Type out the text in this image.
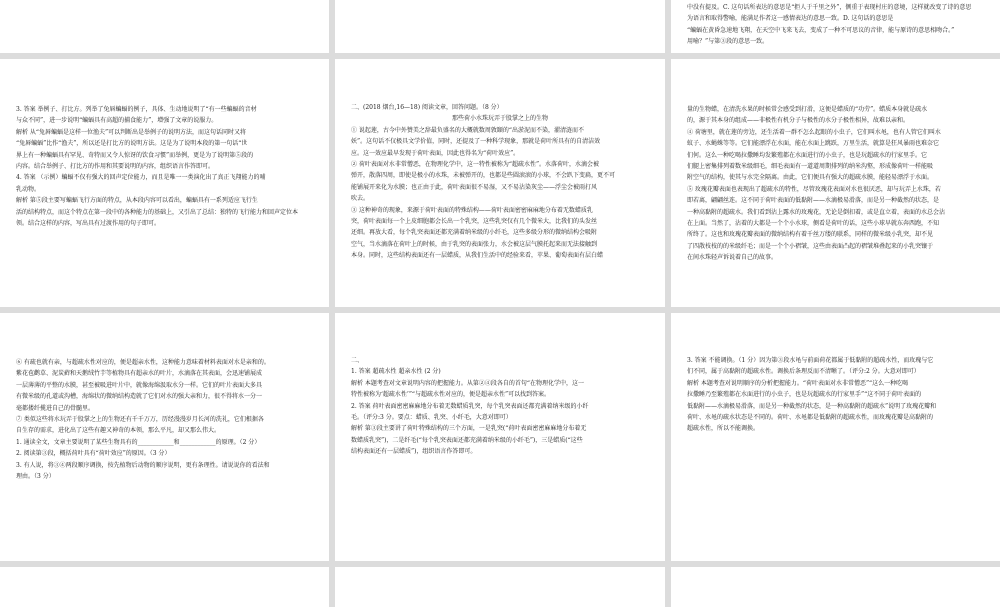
中没有提及。C. 这句话所表达的意思是“拒人于千里之外”，侧重于表现村庄的意境，这样就改变了诗的意思

为语言和取得警喻，能满足作者这一感情表达的意思一致。D. 这句话的意思是

“蝙蝠在黄昏急速地飞翔，在天空中飞来飞去，变成了一种不可思议的音律，能与原诗的意思相吻合。”

用喻？”与第③段的意思一致。

3. 答案 举例子、打比方。列举了兔唇蝙蝠的例子，具体、生动地说明了“有一些蝙蝠的音材

与众不同”，进一步说明“蝙蝠具有高超的捕食能力”，增强了文章的说服力。

解析 从“兔唇蝙蝠是这样一位渔夫”可以判断出是举例子的说明方法，而这句话同时又将

“兔唇蝙蝠”比作“渔夫”，所以还是打比方的说明方法。这是为了说明本段的第一句话“世

界上有一种蝙蝠具有罕见、奇特而又令人惊讶的饮食习惯”而举例，更是为了说明第⑤段的

内容。结合举例子、打比方的作用和其要说明的内容，组织语言作答即可。

4. 答案 （示例）蝙蝠不仅有强大的回声定位能力，而且是唯一一类演化出了真正飞翔能力的哺

乳动物。

解析 第⑤段主要写蝙蝠飞行方面的特点，从本段内容可以看出，蝙蝠具有一系列适应飞行生

活的结构特点，而这个特点在第一段中的各种能力的基础上，又引出了总结：独特的飞行能力和回声定位本

领。结合这样的内容，写出具有过渡作用的句子即可。

二、(2018 烟台,16—18) 阅读文章，回答问题。（8 分）

那些荷小水珠玩弄于股掌之上的生物

① 说起莲，古今中外赞美之辞最负盛名的大概就数周敦颐的“出淤泥而不染，濯清涟而不

妖”。这句话不仅极具文学价值，同时，还提及了一种科学现象，那就是荷叶所具有的自清洁效

应。这一效应最早发现于荷叶表面，因此也得名为“荷叶效应”。

② 荷叶表面对水非常憎恶，在物理化学中，这一特性被称为“超疏水性”。水落荷叶，水滴会被

弹开，散落四周，即使是极小的水珠，未被弹开的，也都是些圆滚滚的小球，不会趴下变扁，更不可

能铺展开来化为水膜；也正由于此，荷叶表面很不易湿，又不易沾染灰尘——浮尘会被雨打风

吹去。

③ 这种神奇的现象，来源于荷叶表面的特殊结构——荷叶表面密密麻麻地分布着无数蜡质乳

突，荷叶表面每一个上皮细胞都会长出一个乳突，这些乳突仅有几个微米大，比我们的头发丝

还细。再放大看，每个乳突表面还都充满着纳米级的小纤毛，这些多级分形的微纳结构会吸附

空气，当水滴落在荷叶上的时候，由于乳突的表面张力，水会被这层气膜托起来而无法接触到

本身。同时，这些结构表面还有一层蜡质，从我们生活中的经验来看，苹果、葡萄表面有层白蜡

量的生物蜡，在清洗水果的时候常会感受到打滑，这便是蜡质的“功劳”。蜡质本身就是疏水

的，源于其本身的组成——非极性有机分子与极性的水分子极性相异，故难以亲和。

④ 荷塘里，就在莲的旁边，还生活着一群不怎么起眼的小虫子，它们叫水黾，也有人管它们叫水

蚊子、水蝇蛛等等。它们能漂浮在水面，能在水面上跳跃，万里生活，就算是狂风暴雨也难奈它

们何。这么一种吃喝拉撒睡均发繁殖都在水面进行的小虫子，也是玩超疏水的行家里手。它

们腿上密集排列着数米级细毛，细毛表面有一道道周期排列的纳米沟壑，形成像荷叶一样能吸

附空气的结构，使其与水完全隔离。由此，它们便具有强大的超疏水膜，能轻易漂浮于水面。

⑤ 玫瑰花瓣表面也表现出了超疏水的特性，尽管玫瑰花表面对水也很厌恶，却与玩弄上水珠，若

即若离，翩翩丝连。这不同于荷叶表面的低黏附——水滴极易滑落，而是另一种截然的状态，是

一种高黏附的超疏水。我们看到沾上露水的玫瑰花，无论是倒扣着，或是直立着，表面的水总会沾

在上面。当然了，沾着的大都是一个个小水球，侧看是荷叶的话，这些小球早就东奔西跑，不知

所终了。这也和玫瑰花瓣表面的微纳结构有着千丝万缕的联系，同样的微米级小乳突，却不见

了四散枝枝的的米级纤毛；而是一个个小褶皱，这些由表面凸起的褶皱堆叠起来的小乳突镶于

在间水珠轻声诉说着自己的故事。

⑥ 有疏也就有亲，与超疏水性对应的，便是超亲水性，这种能力意味着材料表面对水是亲和的。

紫花苞鹳草、泥炭藓和天鹅绒竹芋等植物具有超亲水的叶片，水滴落在其表面，会迅速铺展成

一层薄薄的平整的水膜，甚至被吸进叶片中，就像海绵汲取水分一样。它们的叶片表面大多具

有微米级的孔道或沟槽，海绵状的微纳结构造就了它们对水的强大亲和力，很不得将水一分一

毫都搂纤揽进自己的骨髓里。

⑦ 类似这些将水玩弄于股掌之上的生物还有千千万万，历经漫漫岁月长河的洗礼，它们根据各

自生存的需求，进化出了这些有趣又神奇的本领，那么平凡，却又那么伟大。

1. 通读全文，文章主要说明了某些生物具有的____________和____________的原理。（2 分）

2. 阅读第③段，概括荷叶具有“荷叶效应”的原因。（3 分）

3. 有人说，将③④两段顺序调换，按先植物后动物的顺序说明，更有条理性。请说说你的看法和

理由。（3 分）

二、

1. 答案 超疏水性 超亲水性 (2 分)

解析 本题考查对文章说明内容的把握能力。从第②④段各自的首句“在物理化学中，这一

特性被称为‘超疏水性’”“与超疏水性对应的，便是超亲水性”可以找到答案。

2. 答案 荷叶表面密密麻麻地分布着无数蜡质乳突，每个乳突表面还都充满着纳米级的小纤

毛。（评分:3 分。要点：蜡质、乳突、小纤毛，大意对即可）

解析 第③段主要讲了荷叶特殊结构的三个方面，一是乳突(“荷叶表面密密麻麻地分布着无

数蜡质乳突”)，二是纤毛(“每个乳突表面还都充满着纳米级的小纤毛”)，三是蜡质(“这些

结构表面还有一层蜡质”)，组织语言作答即可。

3. 答案 不能调换。（1 分）因为第③段水黾与前面荷花都属于低黏附的超疏水性，而玫瑰与它

们不同，属于高黏附的超疏水性。调换后条理反而不清晰了。（评分:2 分。大意对即可）

解析 本题考查对说明顺序的分析把握能力。“荷叶表面对水非常憎恶”“这么一种吃喝

拉撒睡乃至繁殖都在水面进行的小虫子，也是玩超疏水的行家里手”“这不同于荷叶表面的

低黏附——水滴极易滑落，而是另一种截然的状态，是一种高黏附的超疏水”说明了玫瑰花瓣和

荷叶、水黾的疏水状态是不同的。荷叶、水黾都是低黏附的超疏水性，而玫瑰花瓣是高黏附的

超疏水性，所以不能调换。
